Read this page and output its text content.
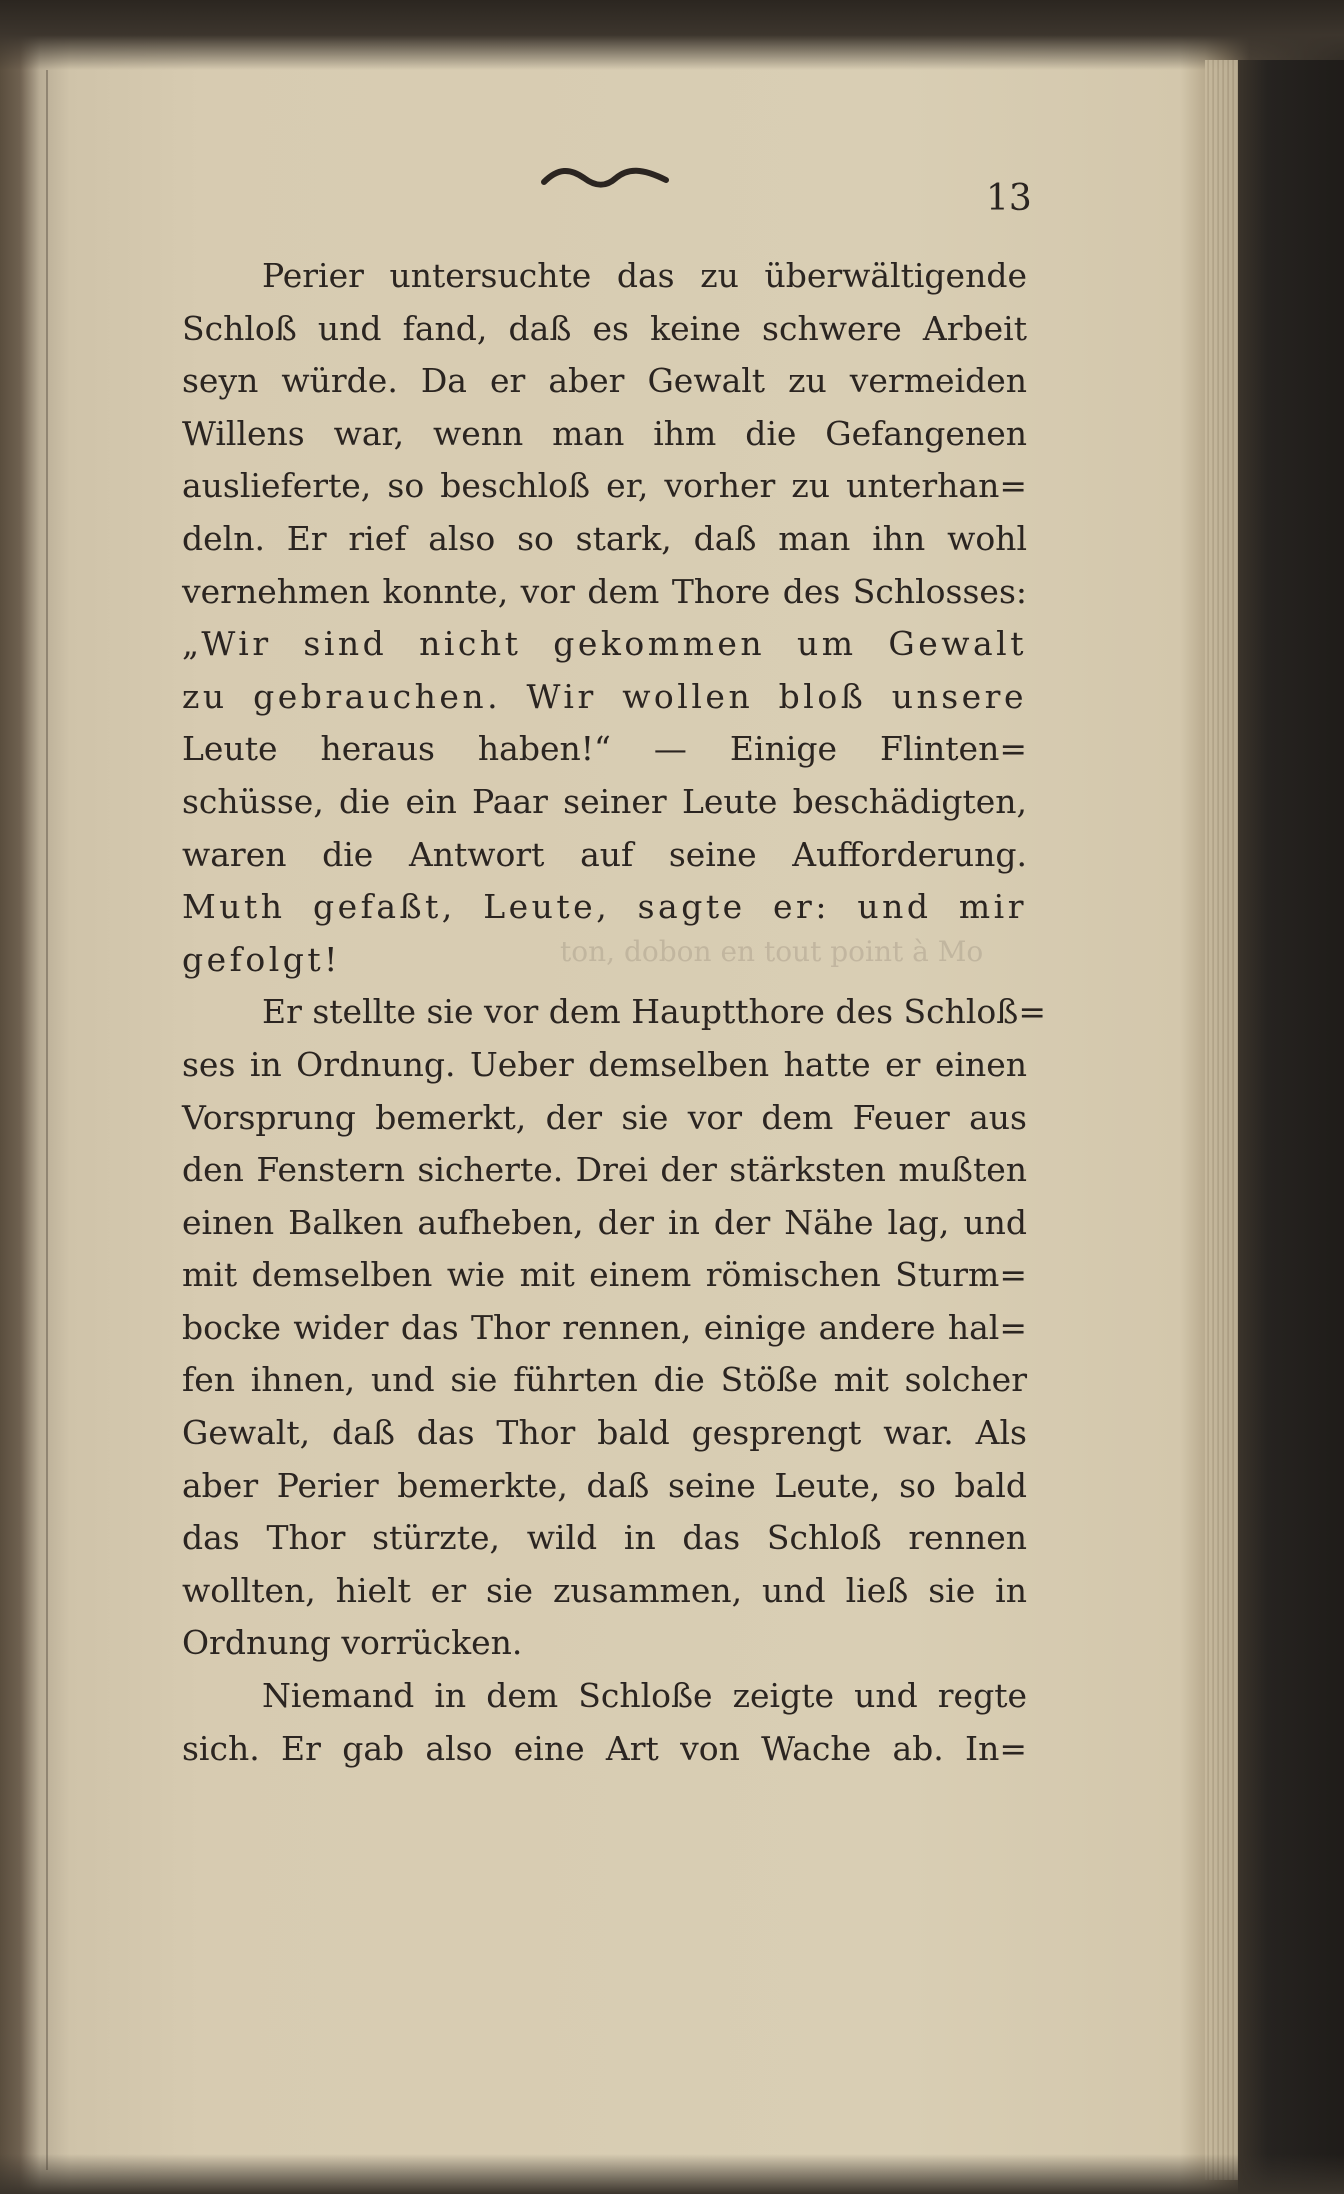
13
ton, dobon en tout point à Mo
Perier untersuchte das zu überwältigende
Schloß und fand, daß es keine schwere Arbeit
seyn würde. Da er aber Gewalt zu vermeiden
Willens war, wenn man ihm die Gefangenen
auslieferte, so beschloß er, vorher zu unterhan=
deln. Er rief also so stark, daß man ihn wohl
vernehmen konnte, vor dem Thore des Schlosses:
„Wir sind nicht gekommen um Gewalt
zu gebrauchen. Wir wollen bloß unsere
Leute heraus haben!“ — Einige Flinten=
schüsse, die ein Paar seiner Leute beschädigten,
waren die Antwort auf seine Aufforderung.
Muth gefaßt, Leute, sagte er: und mir
gefolgt!
Er stellte sie vor dem Hauptthore des Schloß=
ses in Ordnung. Ueber demselben hatte er einen
Vorsprung bemerkt, der sie vor dem Feuer aus
den Fenstern sicherte. Drei der stärksten mußten
einen Balken aufheben, der in der Nähe lag, und
mit demselben wie mit einem römischen Sturm=
bocke wider das Thor rennen, einige andere hal=
fen ihnen, und sie führten die Stöße mit solcher
Gewalt, daß das Thor bald gesprengt war. Als
aber Perier bemerkte, daß seine Leute, so bald
das Thor stürzte, wild in das Schloß rennen
wollten, hielt er sie zusammen, und ließ sie in
Ordnung vorrücken.
Niemand in dem Schloße zeigte und regte
sich. Er gab also eine Art von Wache ab. In=
